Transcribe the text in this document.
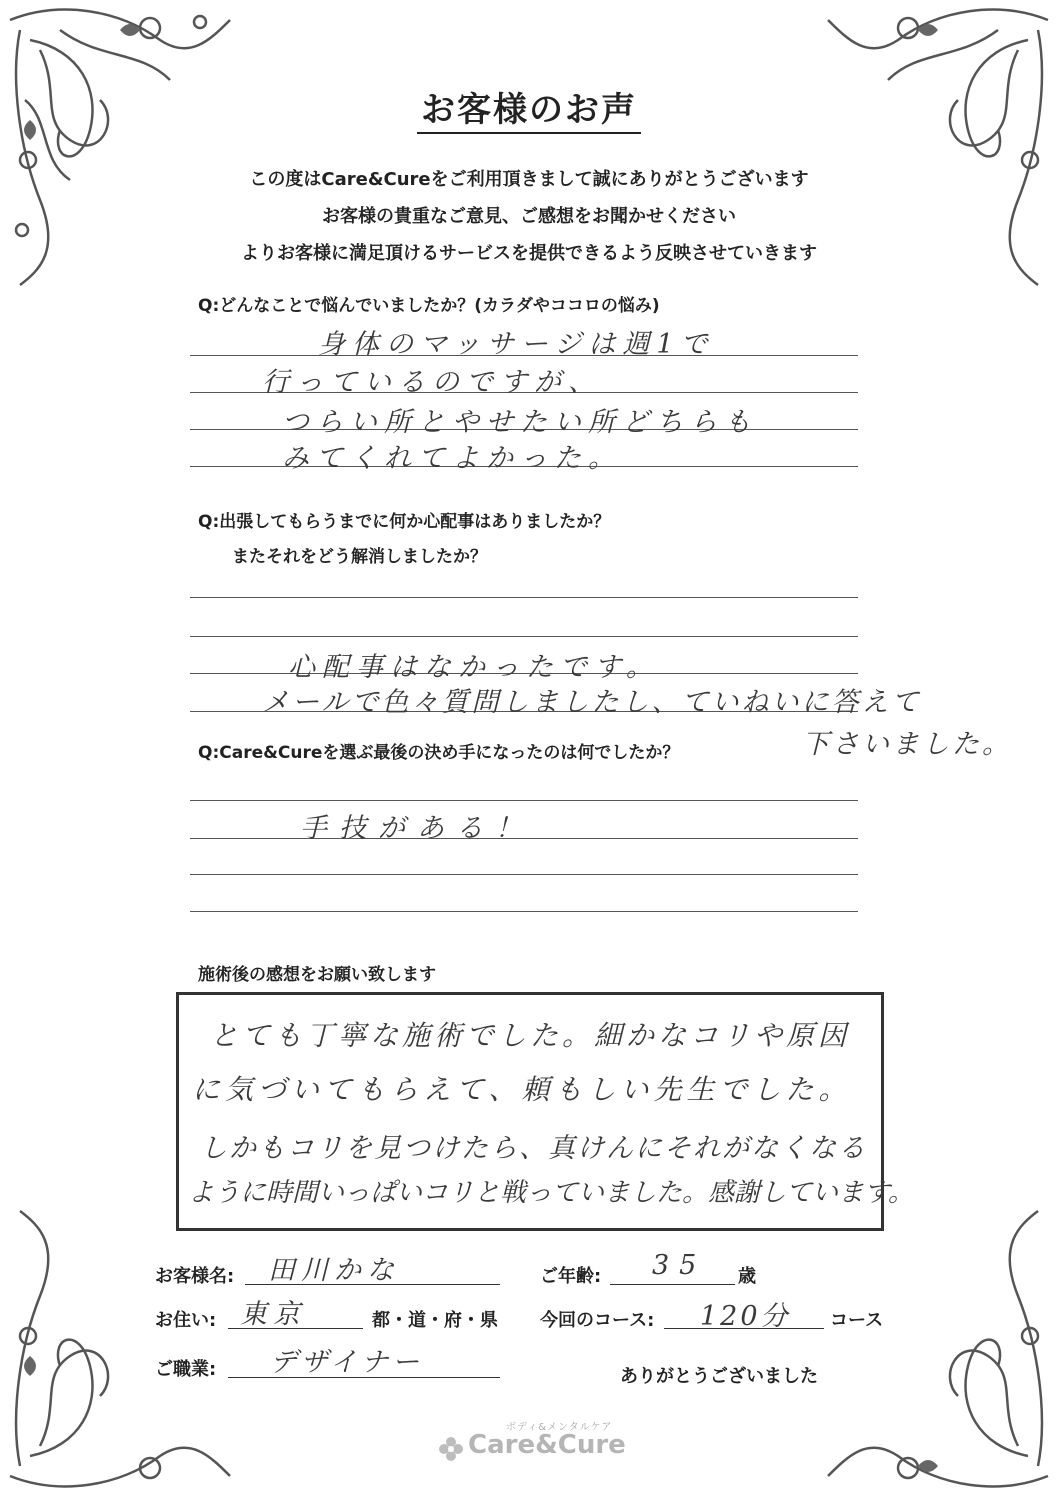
お客様のお声
この度はCare&Cureをご利用頂きまして誠にありがとうございます
お客様の貴重なご意見、ご感想をお聞かせください
よりお客様に満足頂けるサービスを提供できるよう反映させていきます
Q:どんなことで悩んでいましたか？(カラダやココロの悩み)
身体のマッサージは週1で
行っているのですが、
つらい所とやせたい所どちらも
みてくれてよかった。
Q:出張してもらうまでに何か心配事はありましたか？
またそれをどう解消しましたか？
心配事はなかったです。
メールで色々質問しましたし、ていねいに答えて
下さいました。
Q:Care&Cureを選ぶ最後の決め手になったのは何でしたか？
手技がある！
施術後の感想をお願い致します
とても丁寧な施術でした。細かなコリや原因
に気づいてもらえて、頼もしい先生でした。
しかもコリを見つけたら、真けんにそれがなくなる
ように時間いっぱいコリと戦っていました。感謝しています。
お客様名: 田川かな	ご年齢: 35 歳
お住い: 東京	都・道・府・県 今回のコース: 120分 コース
ご職業: デザイナー	ありがとうございました
ボディ&メンタルケア
Care&Cure
